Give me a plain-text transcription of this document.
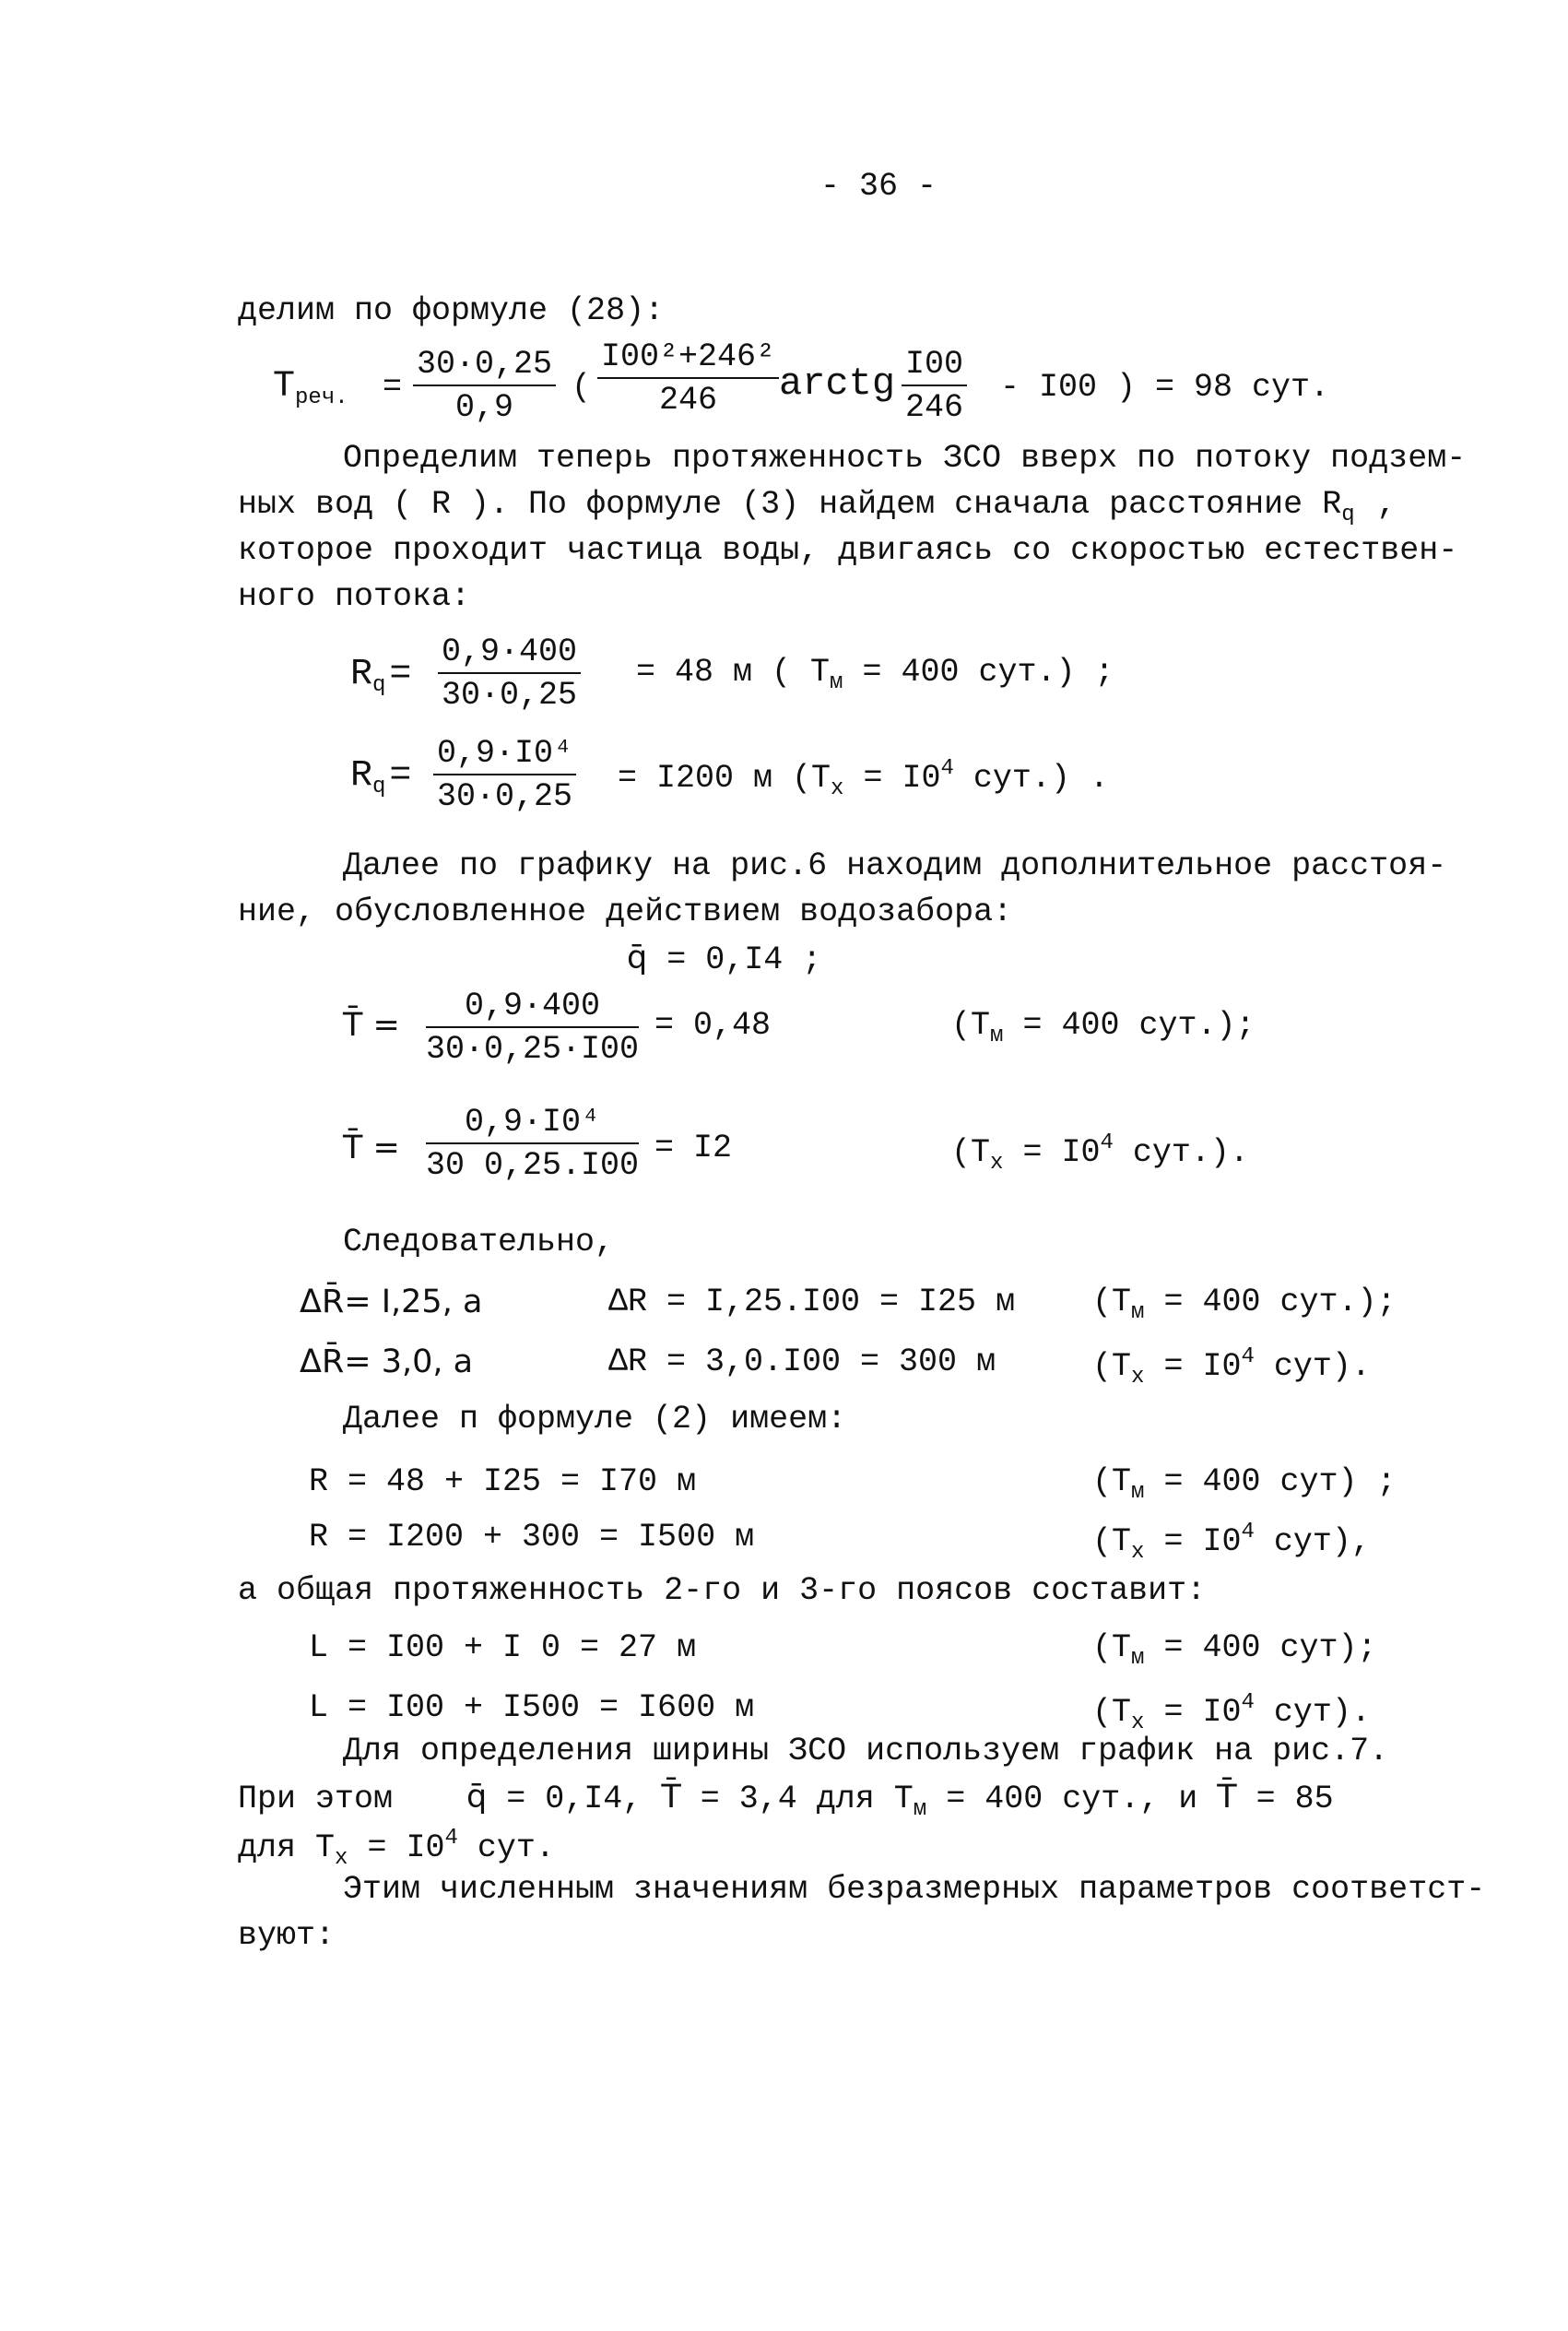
- 36 -
делим по формуле (28):
$T_{реч.} = \frac{30\cdot 0,25}{0,9}$ ( $\frac{\text{I00²+246²}}{246}$ arctg $\frac{I00}{246} - I00$ ) = 98 сут.
Определим теперь протяженность ЗСО вверх по потоку подзем-
ных вод ( R ). По формуле (3) найдем сначала расстояние $R_q$ ,
которое проходит частица воды, двигаясь со скоростью естествен-
ного потока:
$R_q = \frac{0,9\cdot 400}{30\cdot 0,25} = 48$ м ( $T_м = 400$ сут.) ;
$R_q = \frac{\text{0,9·I0⁴}}{30\cdot 0,25} = I200$ м ($T_х = I0^4$ сут.) .
Далее по графику на рис.6 находим дополнительное расстоя-
ние, обусловленное действием водозабора:
q̄ = 0,I4 ;
T̄ = $\frac{0,9\cdot 400}{30\cdot 0,25\cdot I00} = 0,48$	($T_м = 400$ сут.);
T̄ = $\frac{\text{0,9·I0⁴}}{30 0,25.I00} = I2$	($T_х = I0^4$ сут.).
Следовательно,
ΔR̄= I,25, а	ΔR = I,25.I00 = I25 м ($T_м = 400$ сут.);
ΔR̄= 3,0, а	ΔR = 3,0.I00 = 300 м	($T_х = I0^4$ сут).
Далее п формуле (2) имеем:
R = 48 + I25 = I70 м	($T_м = 400$ сут) ;
R = I200 + 300 = I500 м	($T_х = I0^4$ сут),
а общая протяженность 2-го и 3-го поясов составит:
L = I00 + I 0 = 27 м	($T_м = 400$ сут);
L = I00 + I500 = I600 м	($T_х = I0^4$ сут).
Для определения ширины ЗСО используем график на рис.7.
При этом q̄ = 0,I4, T̄ = 3,4 для $T_м = 400$ сут., и T̄ = 85
для $T_х = I0^4$ сут.
Этим численным значениям безразмерных параметров соответст-
вуют:
